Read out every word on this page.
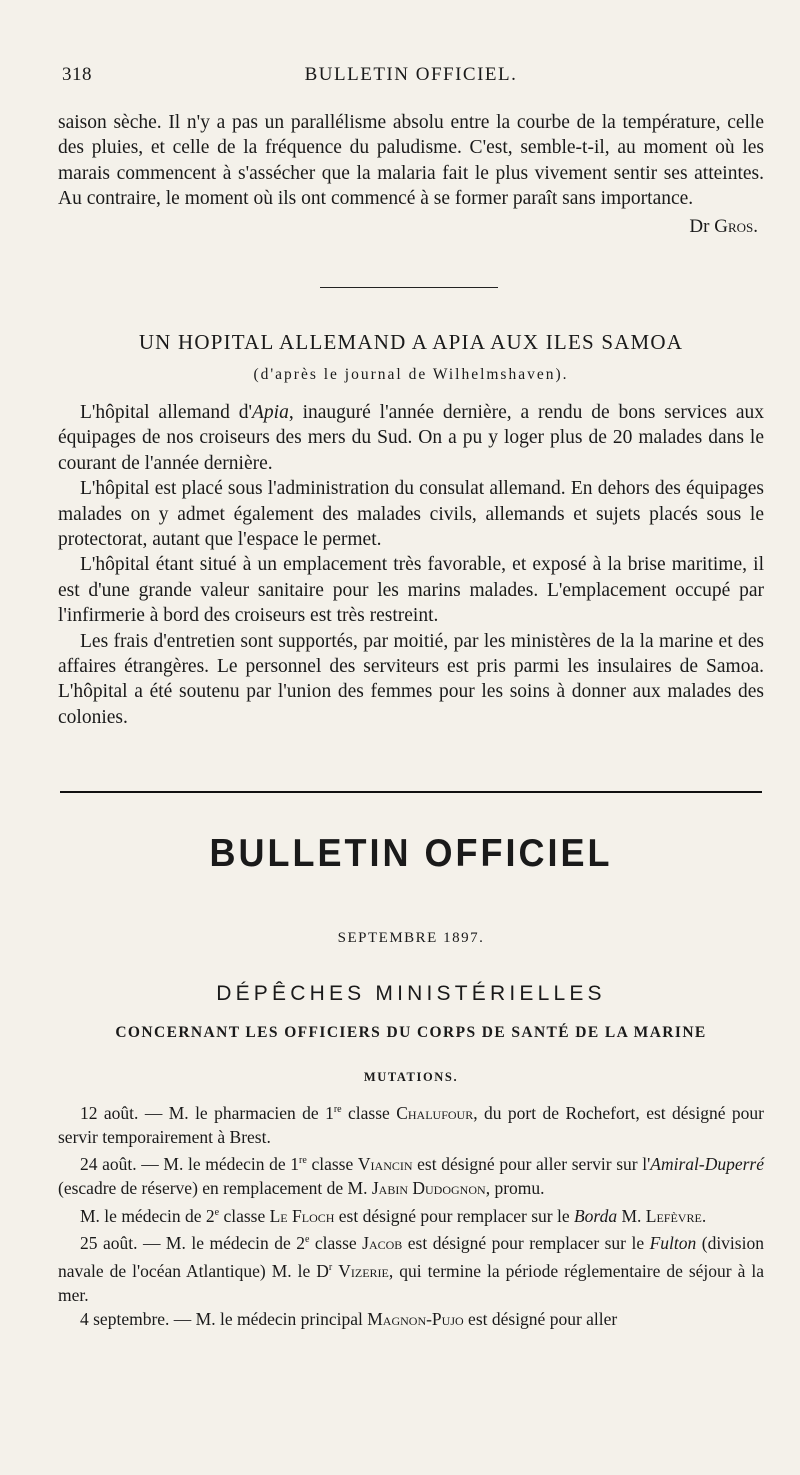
318	BULLETIN OFFICIEL.

saison sèche. Il n'y a pas un parallélisme absolu entre la courbe de la température, celle des pluies, et celle de la fréquence du paludisme. C'est, semble-t-il, au moment où les marais commencent à s'assécher que la malaria fait le plus vivement sentir ses atteintes. Au contraire, le moment où ils ont commencé à se former paraît sans importance.

Dr Gros.
UN HOPITAL ALLEMAND A APIA AUX ILES SAMOA
(d'après le journal de Wilhelmshaven).

L'hôpital allemand d'Apia, inauguré l'année dernière, a rendu de bons services aux équipages de nos croiseurs des mers du Sud. On a pu y loger plus de 20 malades dans le courant de l'année dernière.

L'hôpital est placé sous l'administration du consulat allemand. En dehors des équipages malades on y admet également des malades civils, allemands et sujets placés sous le protectorat, autant que l'espace le permet.

L'hôpital étant situé à un emplacement très favorable, et exposé à la brise maritime, il est d'une grande valeur sanitaire pour les marins malades. L'emplacement occupé par l'infirmerie à bord des croiseurs est très restreint.

Les frais d'entretien sont supportés, par moitié, par les ministères de la la marine et des affaires étrangères. Le personnel des serviteurs est pris parmi les insulaires de Samoa. L'hôpital a été soutenu par l'union des femmes pour les soins à donner aux malades des colonies.

BULLETIN OFFICIEL
SEPTEMBRE 1897.
DÉPÊCHES MINISTÉRIELLES
CONCERNANT LES OFFICIERS DU CORPS DE SANTÉ DE LA MARINE
MUTATIONS.

12 août. — M. le pharmacien de 1re classe Chalufour, du port de Rochefort, est désigné pour servir temporairement à Brest.

24 août. — M. le médecin de 1re classe Viancin est désigné pour aller servir sur l'Amiral-Duperré (escadre de réserve) en remplacement de M. Jabin Dudognon, promu.

M. le médecin de 2e classe Le Floch est désigné pour remplacer sur le Borda M. Lefèvre.

25 août. — M. le médecin de 2e classe Jacob est désigné pour remplacer sur le Fulton (division navale de l'océan Atlantique) M. le $D^r$ Vizerie, qui termine la période réglementaire de séjour à la mer.

4 septembre. — M. le médecin principal Magnon-Pujo est désigné pour aller
